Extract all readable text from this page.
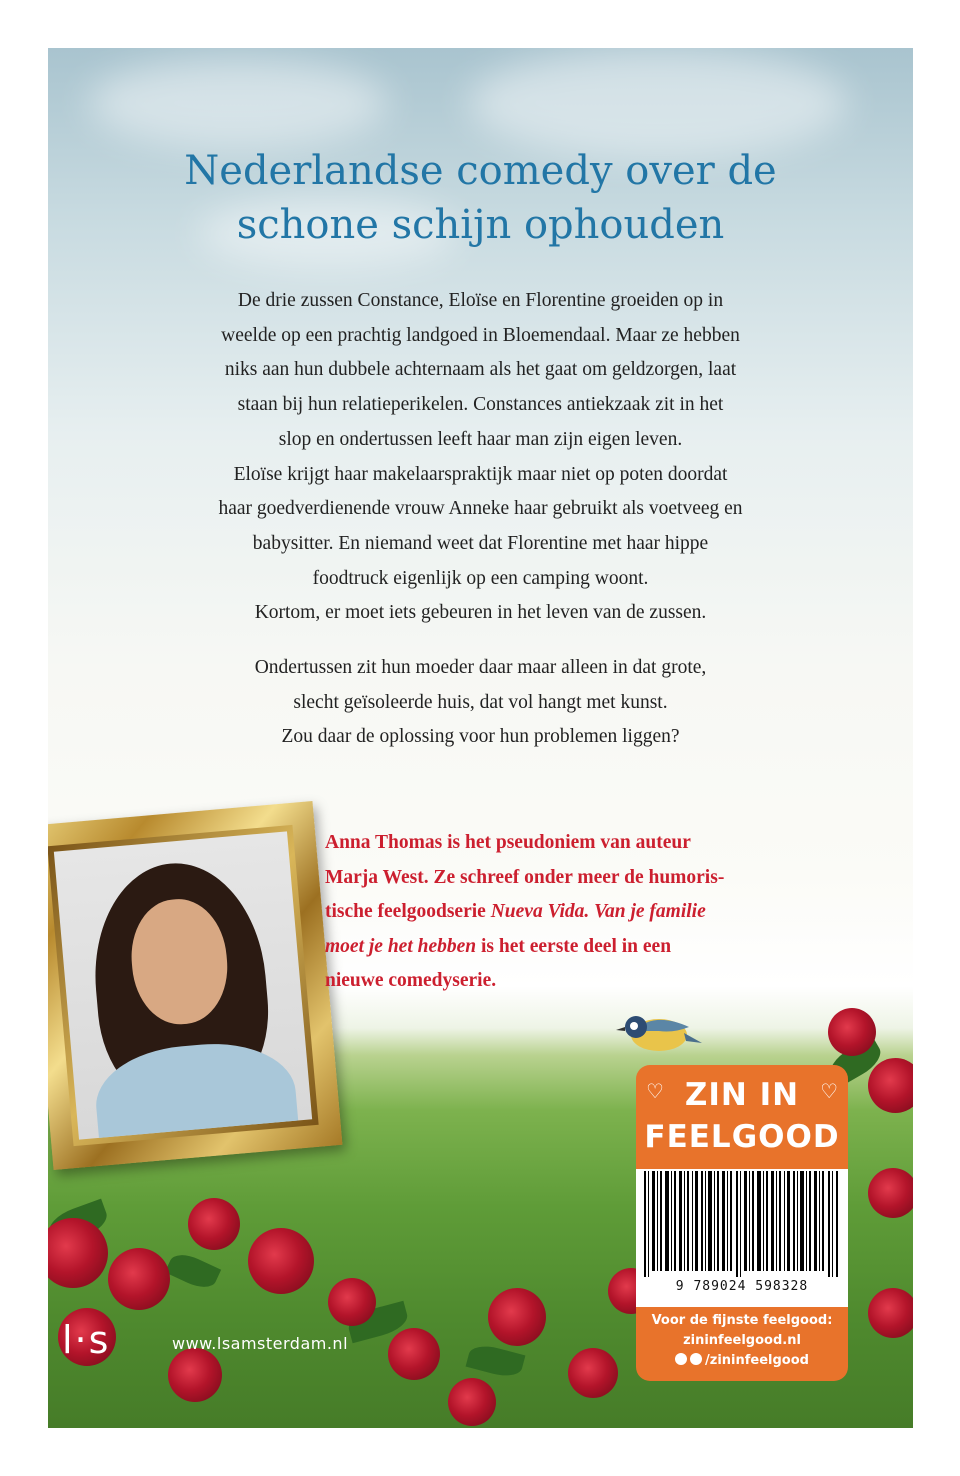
Nederlandse comedy over de
schone schijn ophouden
De drie zussen Constance, Eloïse en Florentine groeiden op in
weelde op een prachtig landgoed in Bloemendaal. Maar ze hebben
niks aan hun dubbele achternaam als het gaat om geldzorgen, laat
staan bij hun relatieperikelen. Constances antiekzaak zit in het
slop en ondertussen leeft haar man zijn eigen leven.
Eloïse krijgt haar makelaarspraktijk maar niet op poten doordat
haar goedverdienende vrouw Anneke haar gebruikt als voetveeg en
babysitter. En niemand weet dat Florentine met haar hippe
foodtruck eigenlijk op een camping woont.
Kortom, er moet iets gebeuren in het leven van de zussen.
Ondertussen zit hun moeder daar maar alleen in dat grote,
slecht geïsoleerde huis, dat vol hangt met kunst.
Zou daar de oplossing voor hun problemen liggen?
Anna Thomas is het pseudoniem van auteur
Marja West. Ze schreef onder meer de humoris-
tische feelgoodserie Nueva Vida. Van je familie
moet je het hebben is het eerste deel in een
nieuwe comedyserie.
l·s	www.lsamsterdam.nl
♡	♡
ZIN IN
FEELGOOD
9 789024 598328
Voor de fijnste feelgood:
zininfeelgood.nl
/zininfeelgood
